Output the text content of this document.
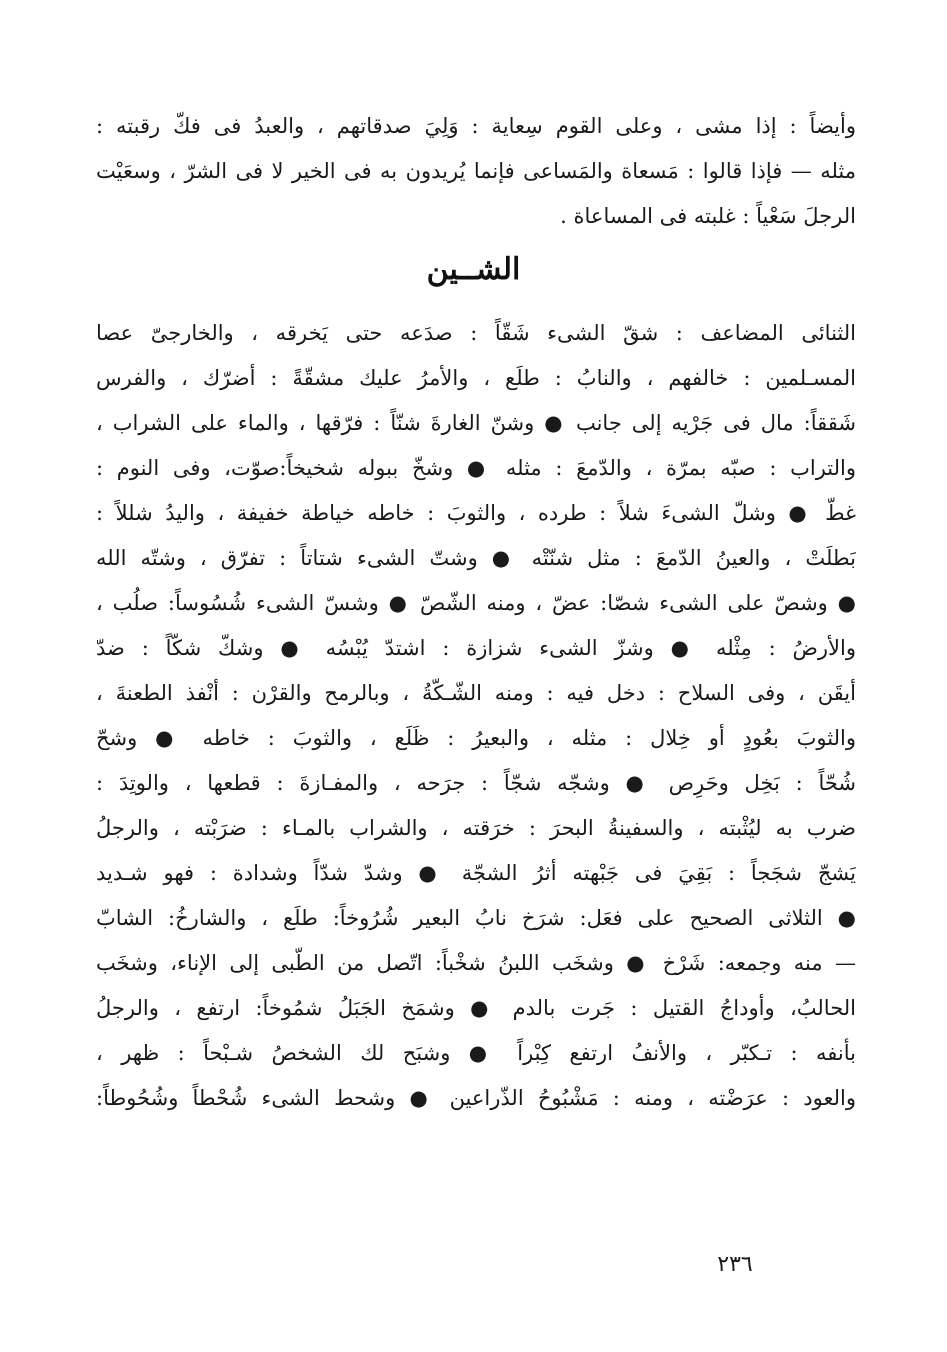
وأيضاً : إذا مشى ، وعلى القوم سِعاية : وَلِيَ صدقاتهم ، والعبدُ فى فكّ رقبته :
مثله — فإذا قالوا : مَسعاة والمَساعى فإنما يُريدون به فى الخير لا فى الشرّ ، وسعَيْت
الرجلَ سَعْياً : غلبته فى المساعاة .
الشــين
الثنائى المضاعف : شقّ الشىء شَقّاً : صدَعه حتى يَخرقه ، والخارجىّ عصا
المسـلمين : خالفهم ، والنابُ : طلَع ، والأمرُ عليك مشقّةً : أضرّك ، والفرس
شَققاً: مال فى جَرْيه إلى جانب ● وشنّ الغارةَ شنّاً : فرّقها ، والماء على الشراب ،
والتراب : صبّه بمرّة ، والدّمعَ : مثله ● وشخّ ببوله شخيخاً:صوّت، وفى النوم :
غطّ ● وشلّ الشىءَ شلاً : طرده ، والثوبَ : خاطه خياطة خفيفة ، واليدُ شللاً :
بَطلَتْ ، والعينُ الدّمعَ : مثل شنّتْه ● وشتّ الشىء شتاتاً : تفرّق ، وشتّه الله
● وشصّ على الشىء شصّا: عضّ ، ومنه الشّصّ ● وشسّ الشىء شُسُوساً: صلُب ،
والأرضُ : مِثْله ● وشزّ الشىء شزازة : اشتدّ يُبْسُه ● وشكّ شكّاً : ضدّ
أيقَن ، وفى السلاح : دخل فيه : ومنه الشّـكّةُ ، وبالرمح والقرْن : أنْفذ الطعنةَ ،
والثوبَ بعُودٍ أو خِلال : مثله ، والبعيرُ : ظَلَع ، والثوبَ : خاطه ● وشحّ
شُحّاً : بَخِل وحَرِص ● وشجّه شجّاً : جرَحه ، والمفـازةَ : قطعها ، والوتِدَ :
ضرب به ليُثْبته ، والسفينةُ البحرَ : خرَقته ، والشراب بالمـاء : ضرَبْته ، والرجلُ
يَشجّ شجَجاً : بَقِيَ فى جَبْهته أثرُ الشجّة ● وشدّ شدّاً وشدادة : فهو شـديد
● الثلاثى الصحيح على فعَل: شرَخ نابُ البعير شُرُوخاً: طلَع ، والشارخُ: الشابّ
— منه وجمعه: شَرْخ ● وشخَب اللبنُ شخْباً: اتّصل من الطّبى إلى الإناء، وشخَب
الحالبُ، وأوداجُ القتيل : جَرت بالدم ● وشمَخ الجَبَلُ شمُوخاً: ارتفع ، والرجلُ
بأنفه : تـكبّر ، والأنفُ ارتفع كِبْراً ● وشبَح لك الشخصُ شـبْحاً : ظهر ،
والعود : عرَضْته ، ومنه : مَشْبُوحُ الذّراعين ● وشحط الشىء شُحْطاً وشُحُوطاً:
٢٣٦
